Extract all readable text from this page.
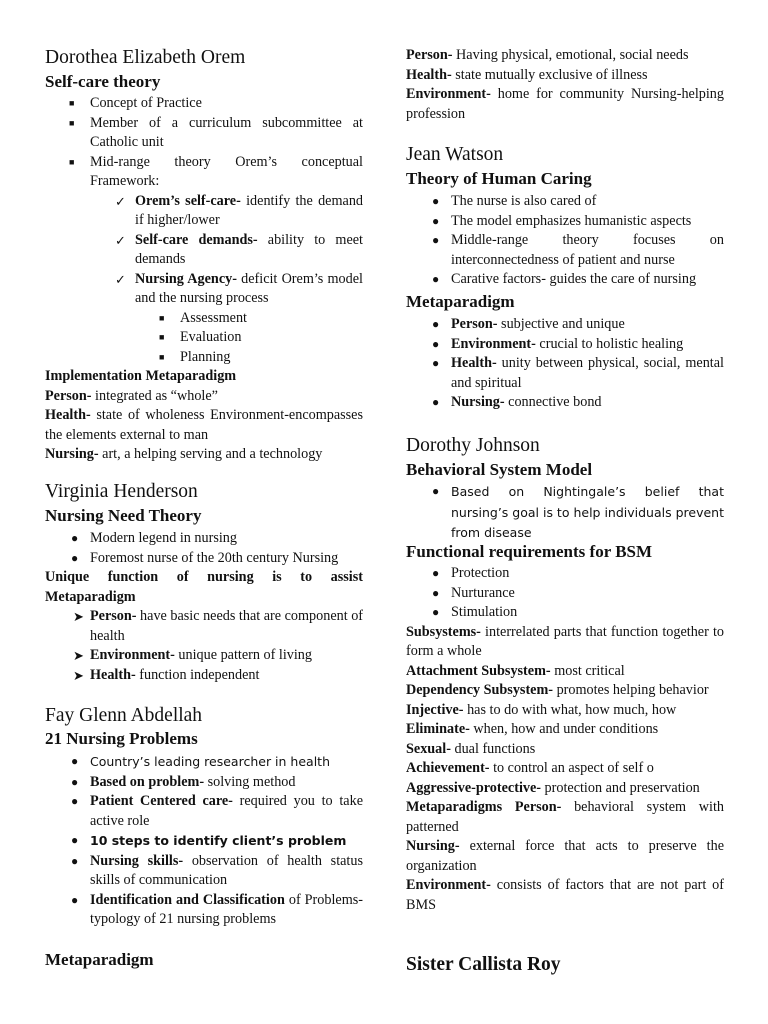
Dorothea Elizabeth Orem
Self-care theory
■ Concept of Practice
■ Member of a curriculum subcommittee at Catholic unit
■ Mid-range theory Orem’s conceptual Framework:
✓ Orem’s self-care- identify the demand if higher/lower
✓ Self-care demands- ability to meet demands
✓ Nursing Agency- deficit Orem’s model and the nursing process
■ Assessment
■ Evaluation
■ Planning

Implementation Metaparadigm

Person- integrated as “whole”

Health- state of wholeness Environment-encompasses the elements external to man

Nursing- art, a helping serving and a technology

Virginia Henderson
Nursing Need Theory
● Modern legend in nursing
● Foremost nurse of the 20th century Nursing

Unique function of nursing is to assist Metaparadigm

➤ Person- have basic needs that are component of health
➤ Environment- unique pattern of living
➤ Health- function independent
Fay Glenn Abdellah
21 Nursing Problems
● Country’s leading researcher in health
● Based on problem- solving method
● Patient Centered care- required you to take active role
● 10 steps to identify client’s problem
● Nursing skills- observation of health status skills of communication
● Identification and Classification of Problems- typology of 21 nursing problems
Metaparadigm

Person- Having physical, emotional, social needs

Health- state mutually exclusive of illness

Environment- home for community Nursing-helping profession

Jean Watson
Theory of Human Caring
● The nurse is also cared of
● The model emphasizes humanistic aspects
● Middle-range theory focuses on interconnectedness of patient and nurse
● Carative factors- guides the care of nursing
Metaparadigm
● Person- subjective and unique
● Environment- crucial to holistic healing
● Health- unity between physical, social, mental and spiritual
● Nursing- connective bond
Dorothy Johnson
Behavioral System Model
● Based on Nightingale’s belief that nursing’s goal is to help individuals prevent from disease
Functional requirements for BSM
● Protection
● Nurturance
● Stimulation

Subsystems- interrelated parts that function together to form a whole

Attachment Subsystem- most critical

Dependency Subsystem- promotes helping behavior

Injective- has to do with what, how much, how

Eliminate- when, how and under conditions

Sexual- dual functions

Achievement- to control an aspect of self o

Aggressive-protective- protection and preservation

Metaparadigms Person- behavioral system with patterned

Nursing- external force that acts to preserve the organization

Environment- consists of factors that are not part of BMS

Sister Callista Roy
